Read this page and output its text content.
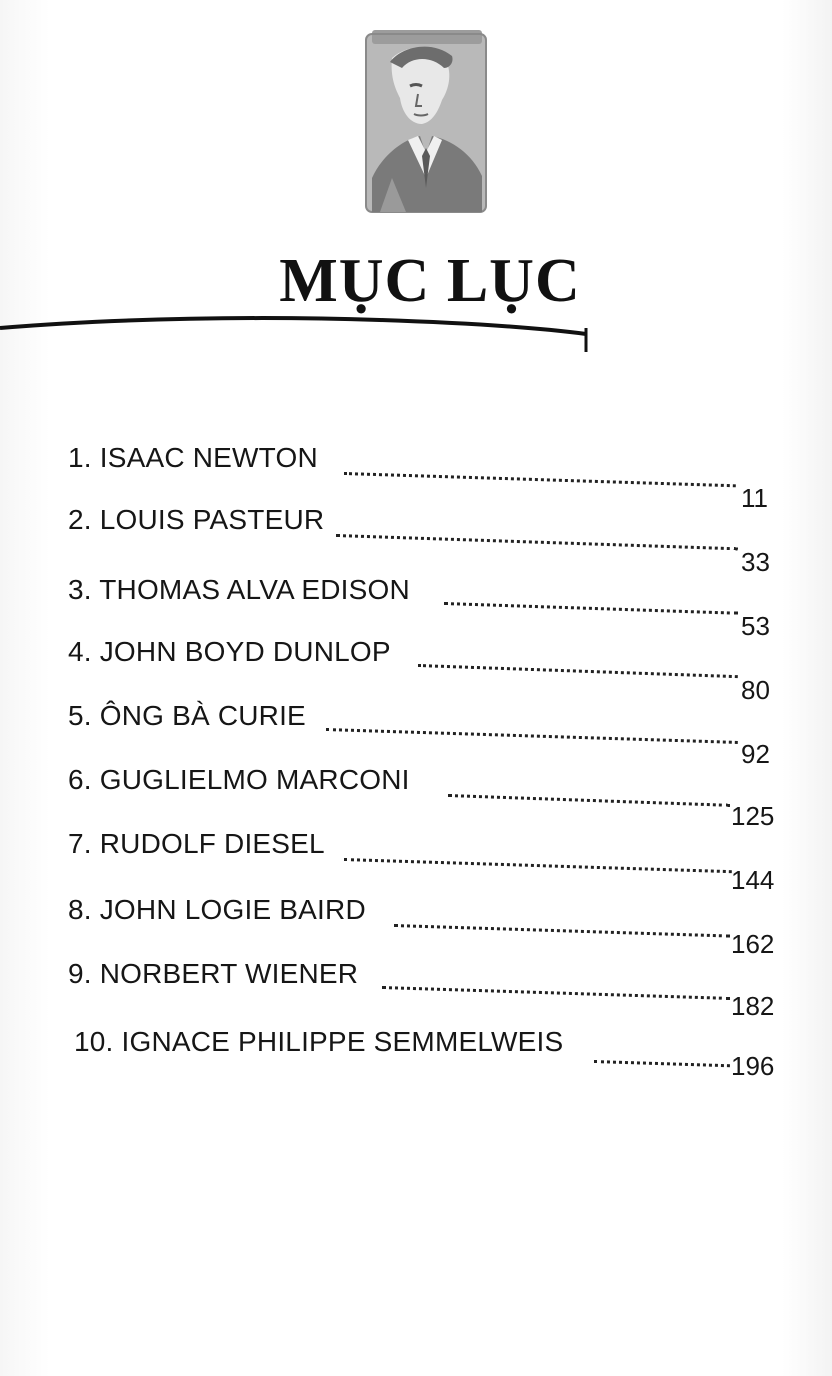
MỤC LỤC
1. ISAAC NEWTON
11
2. LOUIS PASTEUR
33
3. THOMAS ALVA EDISON
53
4. JOHN BOYD DUNLOP
80
5. ÔNG BÀ CURIE
92
6. GUGLIELMO MARCONI
125
7. RUDOLF DIESEL
144
8. JOHN LOGIE BAIRD
162
9. NORBERT WIENER
182
10. IGNACE PHILIPPE SEMMELWEIS
196
